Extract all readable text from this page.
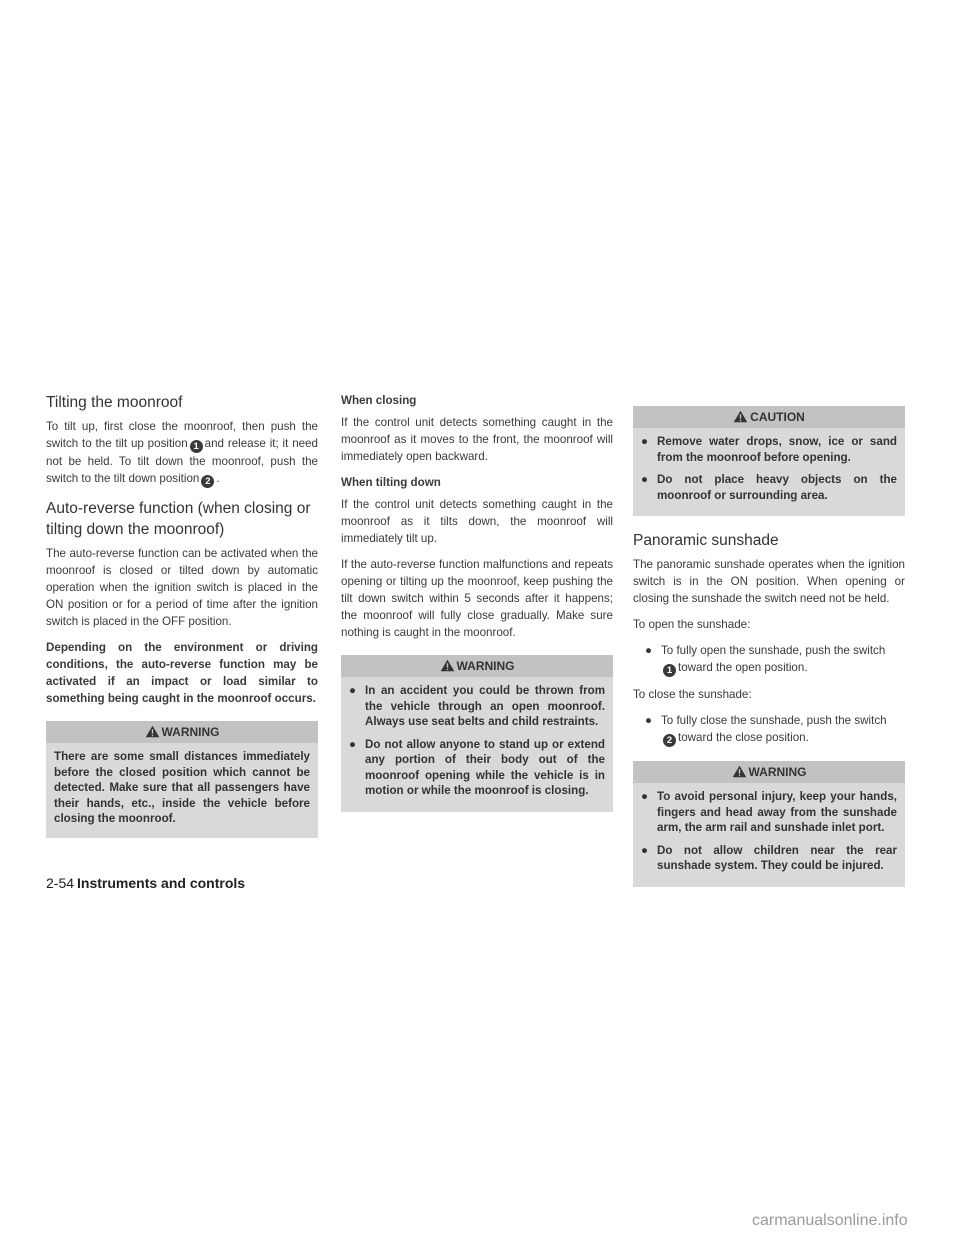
Tilting the moonroof

To tilt up, first close the moonroof, then push the switch to the tilt up position 1 and release it; it need not be held. To tilt down the moonroof, push the switch to the tilt down position 2 .

Auto-reverse function (when closing or tilting down the moonroof)

The auto-reverse function can be activated when the moonroof is closed or tilted down by automatic operation when the ignition switch is placed in the ON position or for a period of time after the ignition switch is placed in the OFF position.

Depending on the environment or driving conditions, the auto-reverse function may be activated if an impact or load similar to something being caught in the moonroof occurs.

WARNING

There are some small distances immediately before the closed position which cannot be detected. Make sure that all passengers have their hands, etc., inside the vehicle before closing the moonroof.

When closing

If the control unit detects something caught in the moonroof as it moves to the front, the moonroof will immediately open backward.

When tilting down

If the control unit detects something caught in the moonroof as it tilts down, the moonroof will immediately tilt up.

If the auto-reverse function malfunctions and repeats opening or tilting up the moonroof, keep pushing the tilt down switch within 5 seconds after it happens; the moonroof will fully close gradually. Make sure nothing is caught in the moonroof.

WARNING
● In an accident you could be thrown from the vehicle through an open moonroof. Always use seat belts and child restraints.
● Do not allow anyone to stand up or extend any portion of their body out of the moonroof opening while the vehicle is in motion or while the moonroof is closing.
CAUTION
● Remove water drops, snow, ice or sand from the moonroof before opening.
● Do not place heavy objects on the moonroof or surrounding area.
Panoramic sunshade

The panoramic sunshade operates when the ignition switch is in the ON position. When opening or closing the sunshade the switch need not be held.

To open the sunshade:

● To fully open the sunshade, push the switch
1 toward the open position.

To close the sunshade:

● To fully close the sunshade, push the switch
2 toward the close position.
WARNING
● To avoid personal injury, keep your hands, fingers and head away from the sunshade arm, the arm rail and sunshade inlet port.
● Do not allow children near the rear sunshade system. They could be injured.
2-54 Instruments and controls
carmanualsonline.info
